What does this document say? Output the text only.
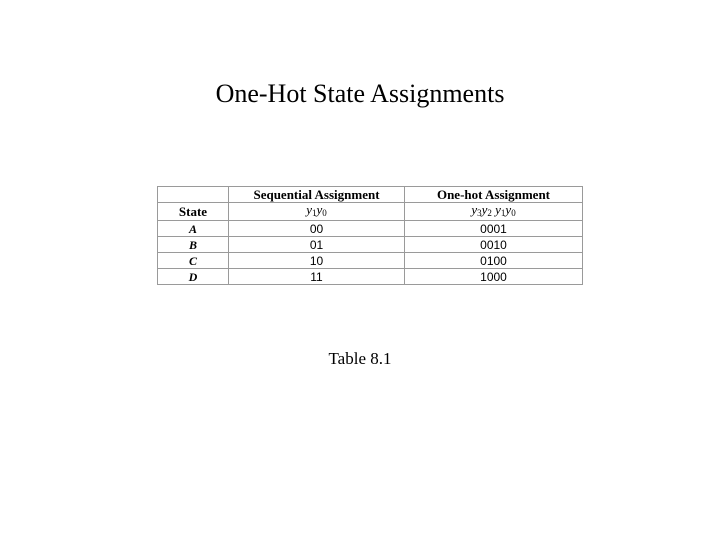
One-Hot State Assignments
	Sequential Assignment	One-hot Assignment
State	$y_1y_0$	$y_3y_2$ $y_1y_0$
A	00	0001
B	01	0010
C	10	0100
D	11	1000
Table 8.1
